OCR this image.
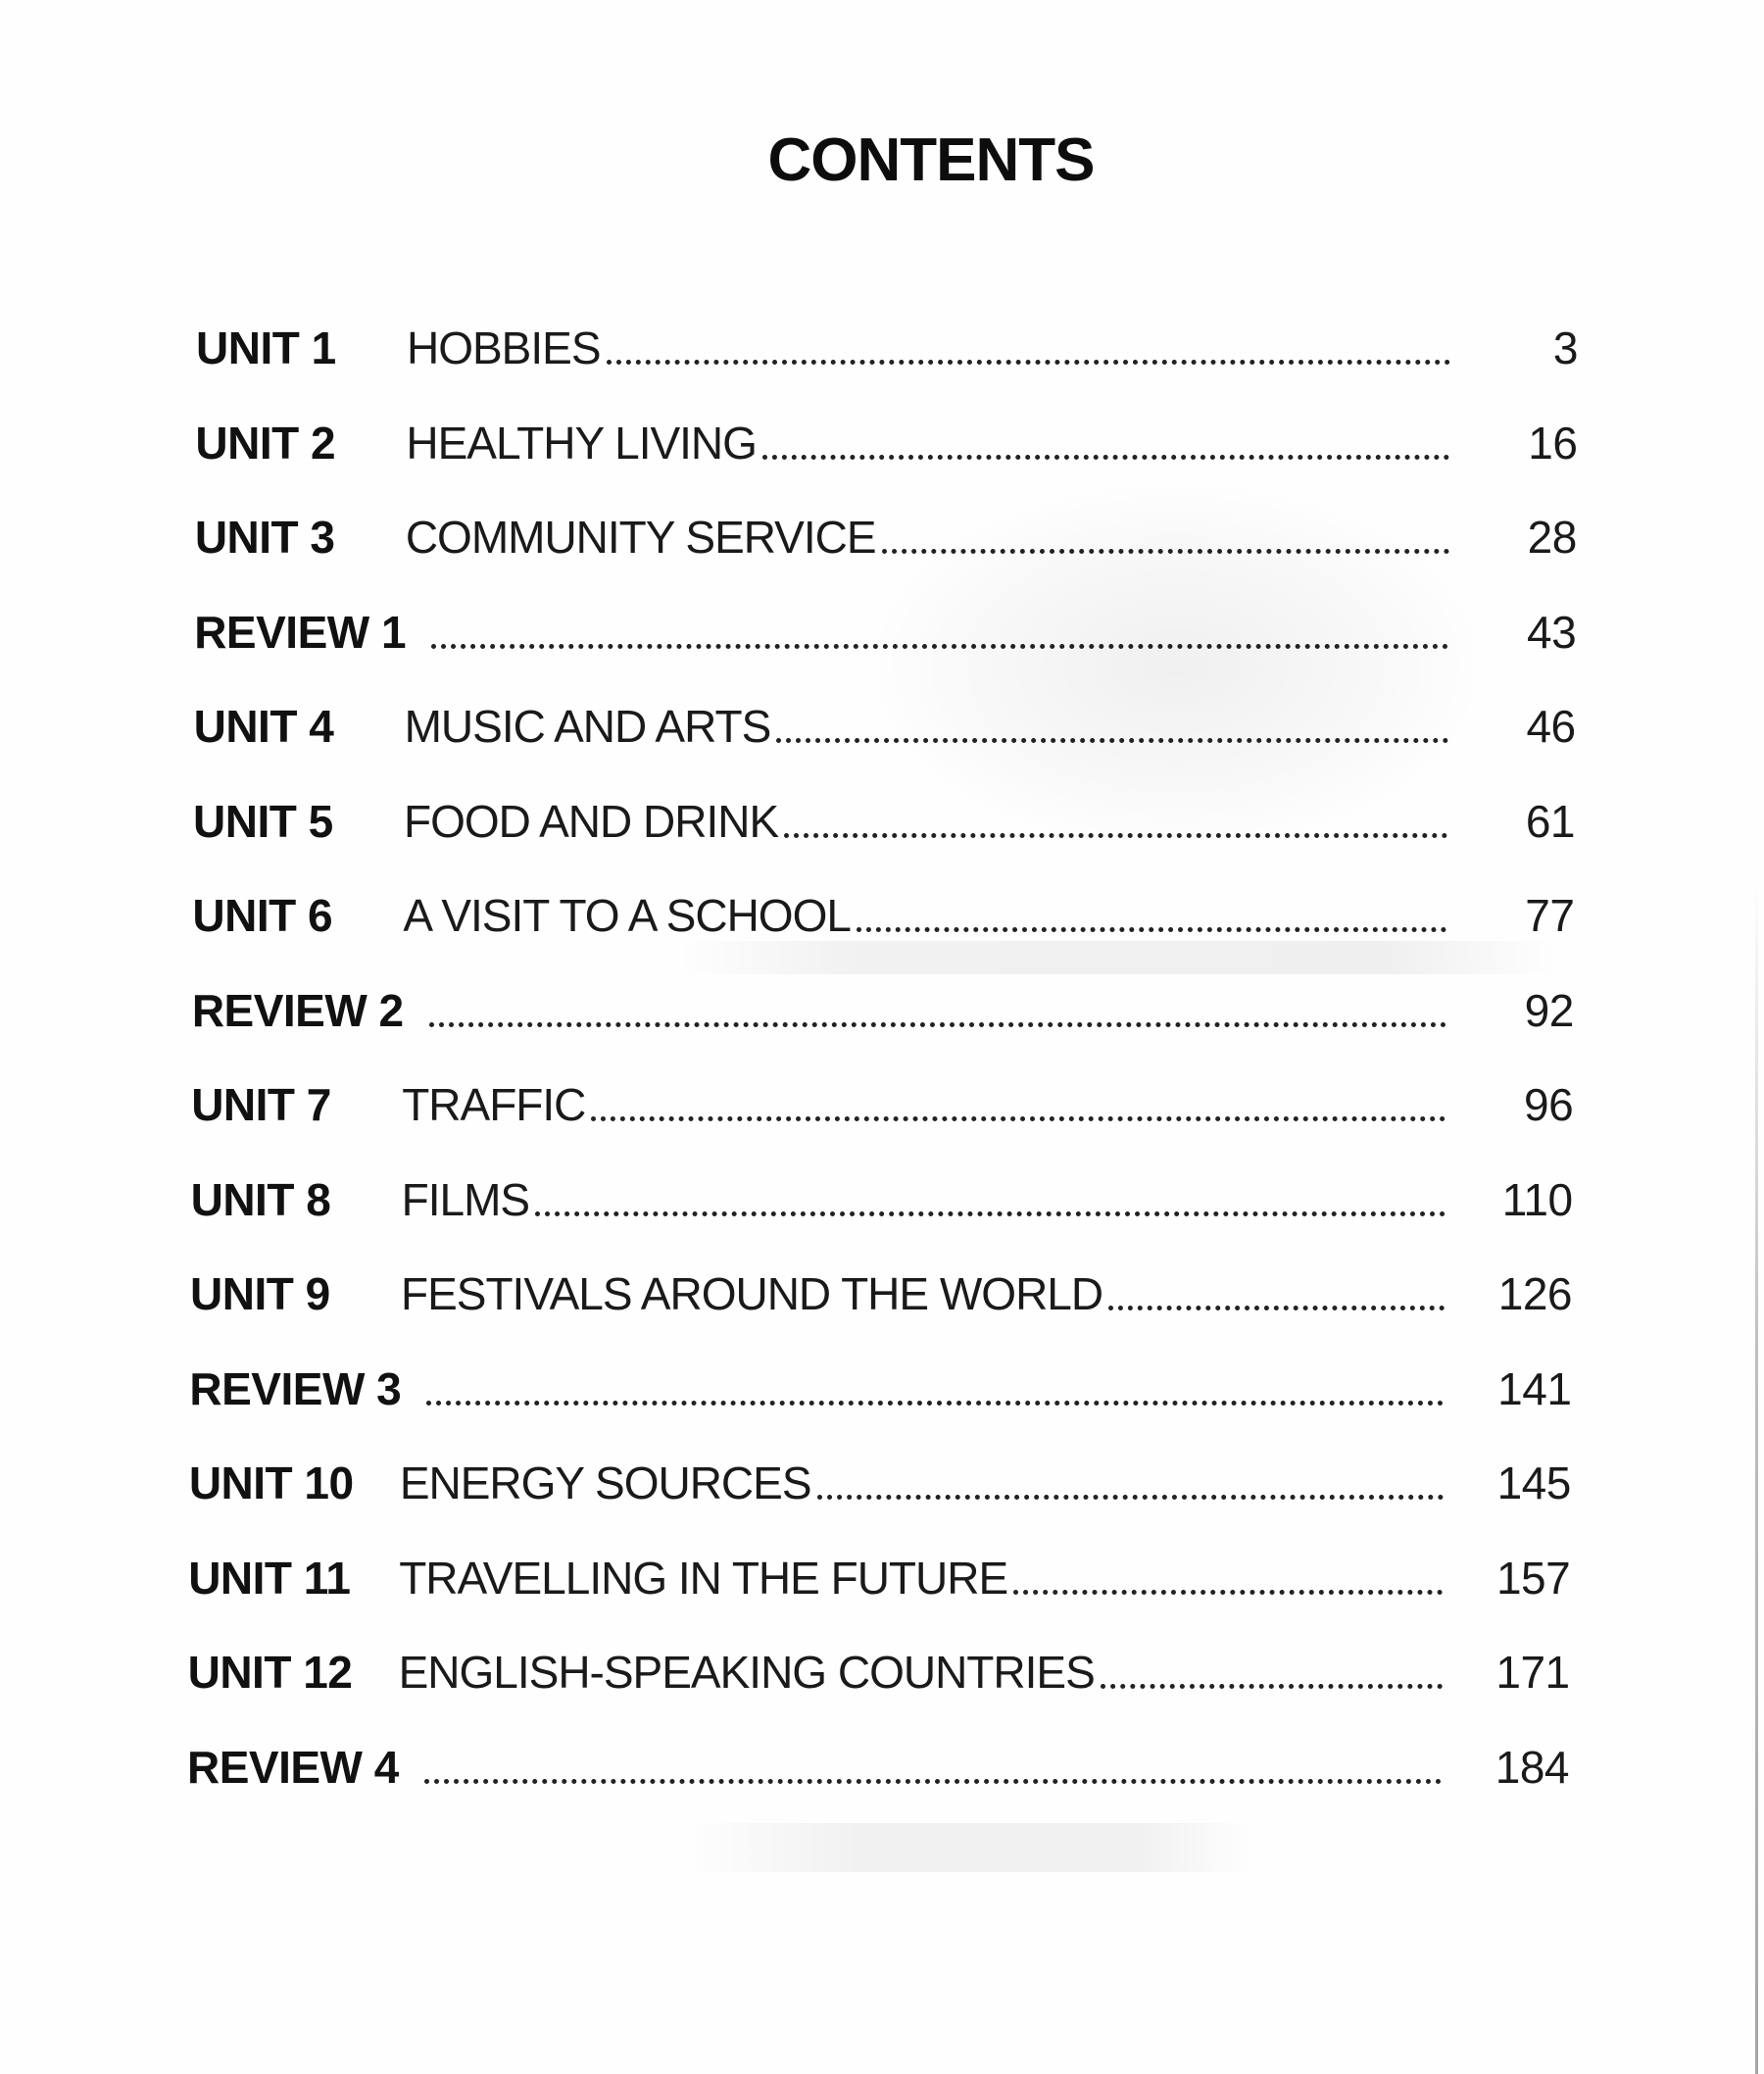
CONTENTS
UNIT 1	HOBBIES	3
UNIT 2	HEALTHY LIVING	16
UNIT 3	COMMUNITY SERVICE	28
REVIEW 1	43
UNIT 4	MUSIC AND ARTS	46
UNIT 5	FOOD AND DRINK	61
UNIT 6	A VISIT TO A SCHOOL	77
REVIEW 2	92
UNIT 7	TRAFFIC	96
UNIT 8	FILMS	110
UNIT 9	FESTIVALS AROUND THE WORLD	126
REVIEW 3	141
UNIT 10	ENERGY SOURCES	145
UNIT 11	TRAVELLING IN THE FUTURE	157
UNIT 12	ENGLISH-SPEAKING COUNTRIES	171
REVIEW 4	184
